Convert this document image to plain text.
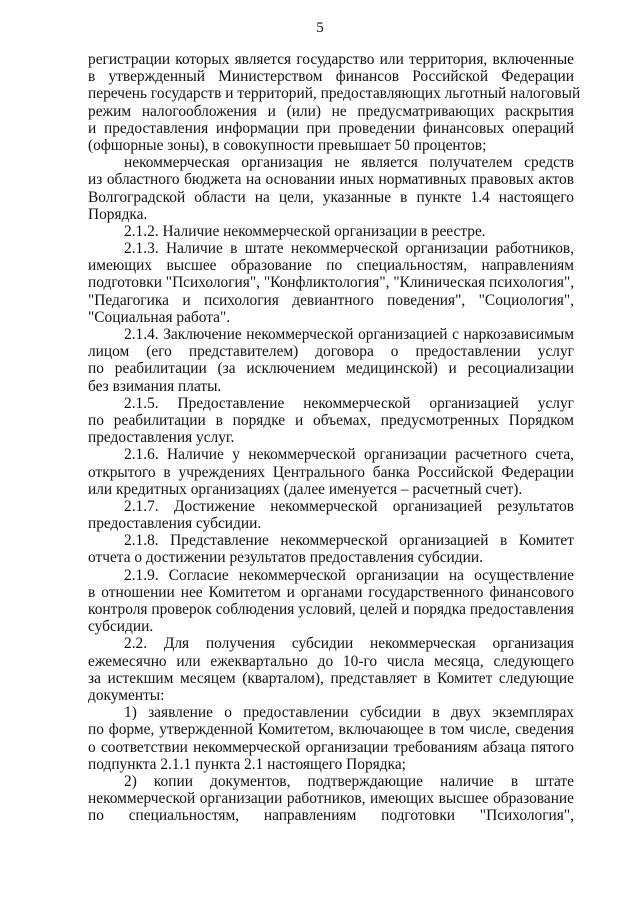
5
регистрации которых является государство или территория, включенные
в утвержденный Министерством финансов Российской Федерации
перечень государств и территорий, предоставляющих льготный налоговый
режим налогообложения и (или) не предусматривающих раскрытия
и предоставления информации при проведении финансовых операций
(офшорные зоны), в совокупности превышает 50 процентов;
некоммерческая организация не является получателем средств
из областного бюджета на основании иных нормативных правовых актов
Волгоградской области на цели, указанные в пункте 1.4 настоящего
Порядка.
2.1.2. Наличие некоммерческой организации в реестре.
2.1.3. Наличие в штате некоммерческой организации работников,
имеющих высшее образование по специальностям, направлениям
подготовки "Психология", "Конфликтология", "Клиническая психология",
"Педагогика и психология девиантного поведения", "Социология",
"Социальная работа".
2.1.4. Заключение некоммерческой организацией с наркозависимым
лицом (его представителем) договора о предоставлении услуг
по реабилитации (за исключением медицинской) и ресоциализации
без взимания платы.
2.1.5. Предоставление некоммерческой организацией услуг
по реабилитации в порядке и объемах, предусмотренных Порядком
предоставления услуг.
2.1.6. Наличие у некоммерческой организации расчетного счета,
открытого в учреждениях Центрального банка Российской Федерации
или кредитных организациях (далее именуется – расчетный счет).
2.1.7. Достижение некоммерческой организацией результатов
предоставления субсидии.
2.1.8. Представление некоммерческой организацией в Комитет
отчета о достижении результатов предоставления субсидии.
2.1.9. Согласие некоммерческой организации на осуществление
в отношении нее Комитетом и органами государственного финансового
контроля проверок соблюдения условий, целей и порядка предоставления
субсидии.
2.2. Для получения субсидии некоммерческая организация
ежемесячно или ежеквартально до 10-го числа месяца, следующего
за истекшим месяцем (кварталом), представляет в Комитет следующие
документы:
1) заявление о предоставлении субсидии в двух экземплярах
по форме, утвержденной Комитетом, включающее в том числе, сведения
о соответствии некоммерческой организации требованиям абзаца пятого
подпункта 2.1.1 пункта 2.1 настоящего Порядка;
2) копии документов, подтверждающие наличие в штате
некоммерческой организации работников, имеющих высшее образование
по специальностям, направлениям подготовки "Психология",
